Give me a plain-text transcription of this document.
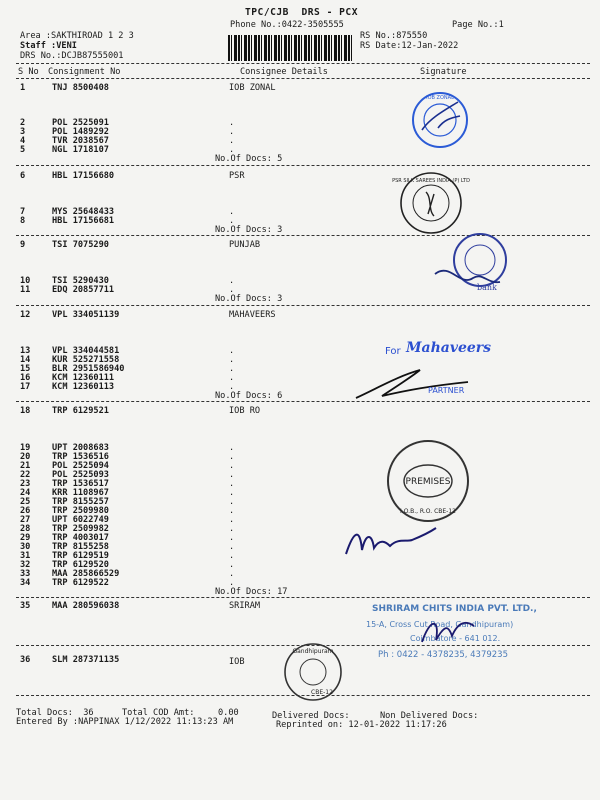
TPC/CJB  DRS - PCX
Phone No.:0422-3505555	Page No.:1
Area :SAKTHIROAD 1 2 3
Staff :VENI
DRS No.:DCJB87555001
RS No.:875550
RS Date:12-Jan-2022
S No Consignment No	Consignee Details	Signature
1	TNJ 8500408	IOB ZONAL
2	POL 2525091	.
3	POL 1489292	.
4	TVR 2038567	.
5	NGL 1718107	.
No.Of Docs: 5
6	HBL 17156680	PSR
7	MYS 25648433	.
8	HBL 17156681	.
No.Of Docs: 3
9	TSI 7075290	PUNJAB
10	TSI 5290430	.
11	EDQ 20857711	.
No.Of Docs: 3
12	VPL 334051139	MAHAVEERS
13	VPL 334044581	.
14	KUR 525271558	.
15	BLR 2951586940	.
16	KCM 12360111	.
17	KCM 12360113	.
No.Of Docs: 6
18	TRP 6129521	IOB RO
19	UPT 2008683	.
20	TRP 1536516	.
21	POL 2525094	.
22	POL 2525093	.
23	TRP 1536517	.
24	KRR 1108967	.
25	TRP 8155257	.
26	TRP 2509980	.
27	UPT 6022749	.
28	TRP 2509982	.
29	TRP 4003017	.
30	TRP 8155258	.
31	TRP 6129519	.
32	TRP 6129520	.
33	MAA 285866529	.
34	TRP 6129522	.
No.Of Docs: 17
35	MAA 280596038	SRIRAM
36	SLM 287371135	IOB
Total Docs:  36	Total COD Amt:	0.00	Delivered Docs:	Non Delivered Docs:
Entered By :NAPPINAX 1/12/2022 11:13:23 AM	Reprinted on: 12-01-2022 11:17:26
IOB ZONAL
PSR SILK SAREES INDIA (P) LTD
bank
For Mahaveers
PARTNER
PREMISES
I.O.B., R.O. CBE-12
SHRIRAM CHITS INDIA PVT. LTD.,
15-A, Cross Cut Road, Gandhipuram)
Coimbatore - 641 012.
Ph : 0422 - 4378235, 4379235
Gandhipuram
CBE-12
